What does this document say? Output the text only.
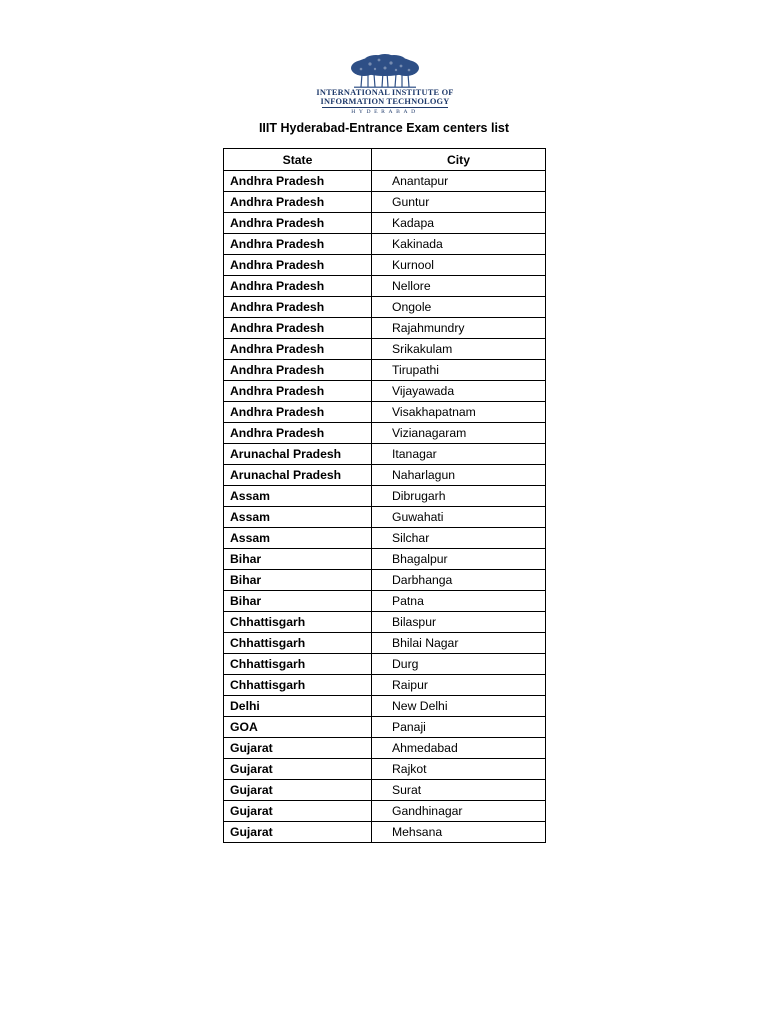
INTERNATIONAL INSTITUTE OF
INFORMATION TECHNOLOGY
HYDERABAD
IIIT Hyderabad-Entrance Exam centers list
State	City
Andhra Pradesh	Anantapur
Andhra Pradesh	Guntur
Andhra Pradesh	Kadapa
Andhra Pradesh	Kakinada
Andhra Pradesh	Kurnool
Andhra Pradesh	Nellore
Andhra Pradesh	Ongole
Andhra Pradesh	Rajahmundry
Andhra Pradesh	Srikakulam
Andhra Pradesh	Tirupathi
Andhra Pradesh	Vijayawada
Andhra Pradesh	Visakhapatnam
Andhra Pradesh	Vizianagaram
Arunachal Pradesh	Itanagar
Arunachal Pradesh	Naharlagun
Assam	Dibrugarh
Assam	Guwahati
Assam	Silchar
Bihar	Bhagalpur
Bihar	Darbhanga
Bihar	Patna
Chhattisgarh	Bilaspur
Chhattisgarh	Bhilai Nagar
Chhattisgarh	Durg
Chhattisgarh	Raipur
Delhi	New Delhi
GOA	Panaji
Gujarat	Ahmedabad
Gujarat	Rajkot
Gujarat	Surat
Gujarat	Gandhinagar
Gujarat	Mehsana
